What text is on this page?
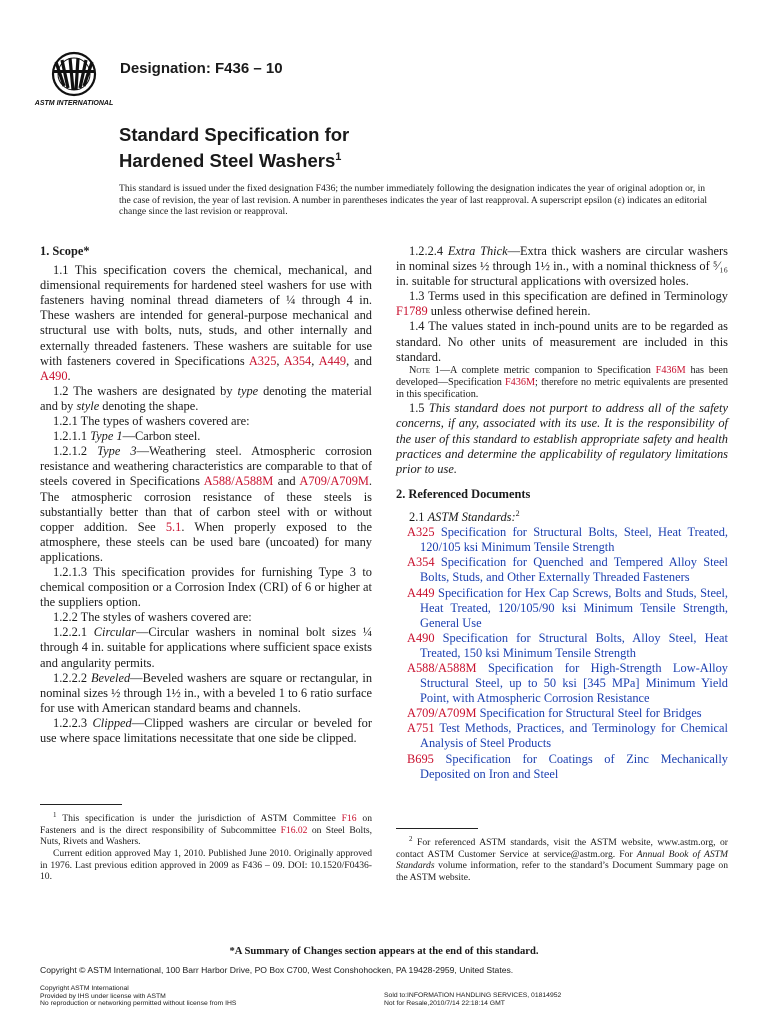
ASTM INTERNATIONAL
Designation: F436 – 10
Standard Specification for
Hardened Steel Washers$^1$
This standard is issued under the fixed designation F436; the number immediately following the designation indicates the year of original adoption or, in the case of revision, the year of last revision. A number in parentheses indicates the year of last reapproval. A superscript epsilon (ε) indicates an editorial change since the last revision or reapproval.
1. Scope*

1.1 This specification covers the chemical, mechanical, and dimensional requirements for hardened steel washers for use with fasteners having nominal thread diameters of ¼ through 4 in. These washers are intended for general-purpose mechanical and structural use with bolts, nuts, studs, and other internally and externally threaded fasteners. These washers are suitable for use with fasteners covered in Specifications A325, A354, A449, and A490.

1.2 The washers are designated by type denoting the material and by style denoting the shape.

1.2.1 The types of washers covered are:

1.2.1.1 Type 1—Carbon steel.

1.2.1.2 Type 3—Weathering steel. Atmospheric corrosion resistance and weathering characteristics are comparable to that of steels covered in Specifications A588/A588M and A709/A709M. The atmospheric corrosion resistance of these steels is substantially better than that of carbon steel with or without copper addition. See 5.1. When properly exposed to the atmosphere, these steels can be used bare (uncoated) for many applications.

1.2.1.3 This specification provides for furnishing Type 3 to chemical composition or a Corrosion Index (CRI) of 6 or higher at the suppliers option.

1.2.2 The styles of washers covered are:

1.2.2.1 Circular—Circular washers in nominal bolt sizes ¼ through 4 in. suitable for applications where sufficient space exists and angularity permits.

1.2.2.2 Beveled—Beveled washers are square or rectangular, in nominal sizes ½ through 1½ in., with a beveled 1 to 6 ratio surface for use with American standard beams and channels.

1.2.2.3 Clipped—Clipped washers are circular or beveled for use where space limitations necessitate that one side be clipped.

1.2.2.4 Extra Thick—Extra thick washers are circular washers in nominal sizes ½ through 1½ in., with a nominal thickness of ⁵⁄₁₆ in. suitable for structural applications with oversized holes.

1.3 Terms used in this specification are defined in Terminology F1789 unless otherwise defined herein.

1.4 The values stated in inch-pound units are to be regarded as standard. No other units of measurement are included in this standard.

Note 1—A complete metric companion to Specification F436M has been developed—Specification F436M; therefore no metric equivalents are presented in this specification.

1.5 This standard does not purport to address all of the safety concerns, if any, associated with its use. It is the responsibility of the user of this standard to establish appropriate safety and health practices and determine the applicability of regulatory limitations prior to use.

2. Referenced Documents

2.1 ASTM Standards:$^2$

A325 Specification for Structural Bolts, Steel, Heat Treated, 120/105 ksi Minimum Tensile Strength
A354 Specification for Quenched and Tempered Alloy Steel Bolts, Studs, and Other Externally Threaded Fasteners
A449 Specification for Hex Cap Screws, Bolts and Studs, Steel, Heat Treated, 120/105/90 ksi Minimum Tensile Strength, General Use
A490 Specification for Structural Bolts, Alloy Steel, Heat Treated, 150 ksi Minimum Tensile Strength
A588/A588M Specification for High-Strength Low-Alloy Structural Steel, up to 50 ksi [345 MPa] Minimum Yield Point, with Atmospheric Corrosion Resistance
A709/A709M Specification for Structural Steel for Bridges
A751 Test Methods, Practices, and Terminology for Chemical Analysis of Steel Products
B695 Specification for Coatings of Zinc Mechanically Deposited on Iron and Steel
$^1$ This specification is under the jurisdiction of ASTM Committee F16 on Fasteners and is the direct responsibility of Subcommittee F16.02 on Steel Bolts, Nuts, Rivets and Washers.
Current edition approved May 1, 2010. Published June 2010. Originally approved in 1976. Last previous edition approved in 2009 as F436 – 09. DOI: 10.1520/F0436-10.
$^2$ For referenced ASTM standards, visit the ASTM website, www.astm.org, or contact ASTM Customer Service at service@astm.org. For Annual Book of ASTM Standards volume information, refer to the standard’s Document Summary page on the ASTM website.
*A Summary of Changes section appears at the end of this standard.
Copyright © ASTM International, 100 Barr Harbor Drive, PO Box C700, West Conshohocken, PA 19428-2959, United States.
Copyright ASTM International
Provided by IHS under license with ASTM
No reproduction or networking permitted without license from IHS
Sold to:INFORMATION HANDLING SERVICES, 01814952
Not for Resale,2010/7/14 22:18:14 GMT
